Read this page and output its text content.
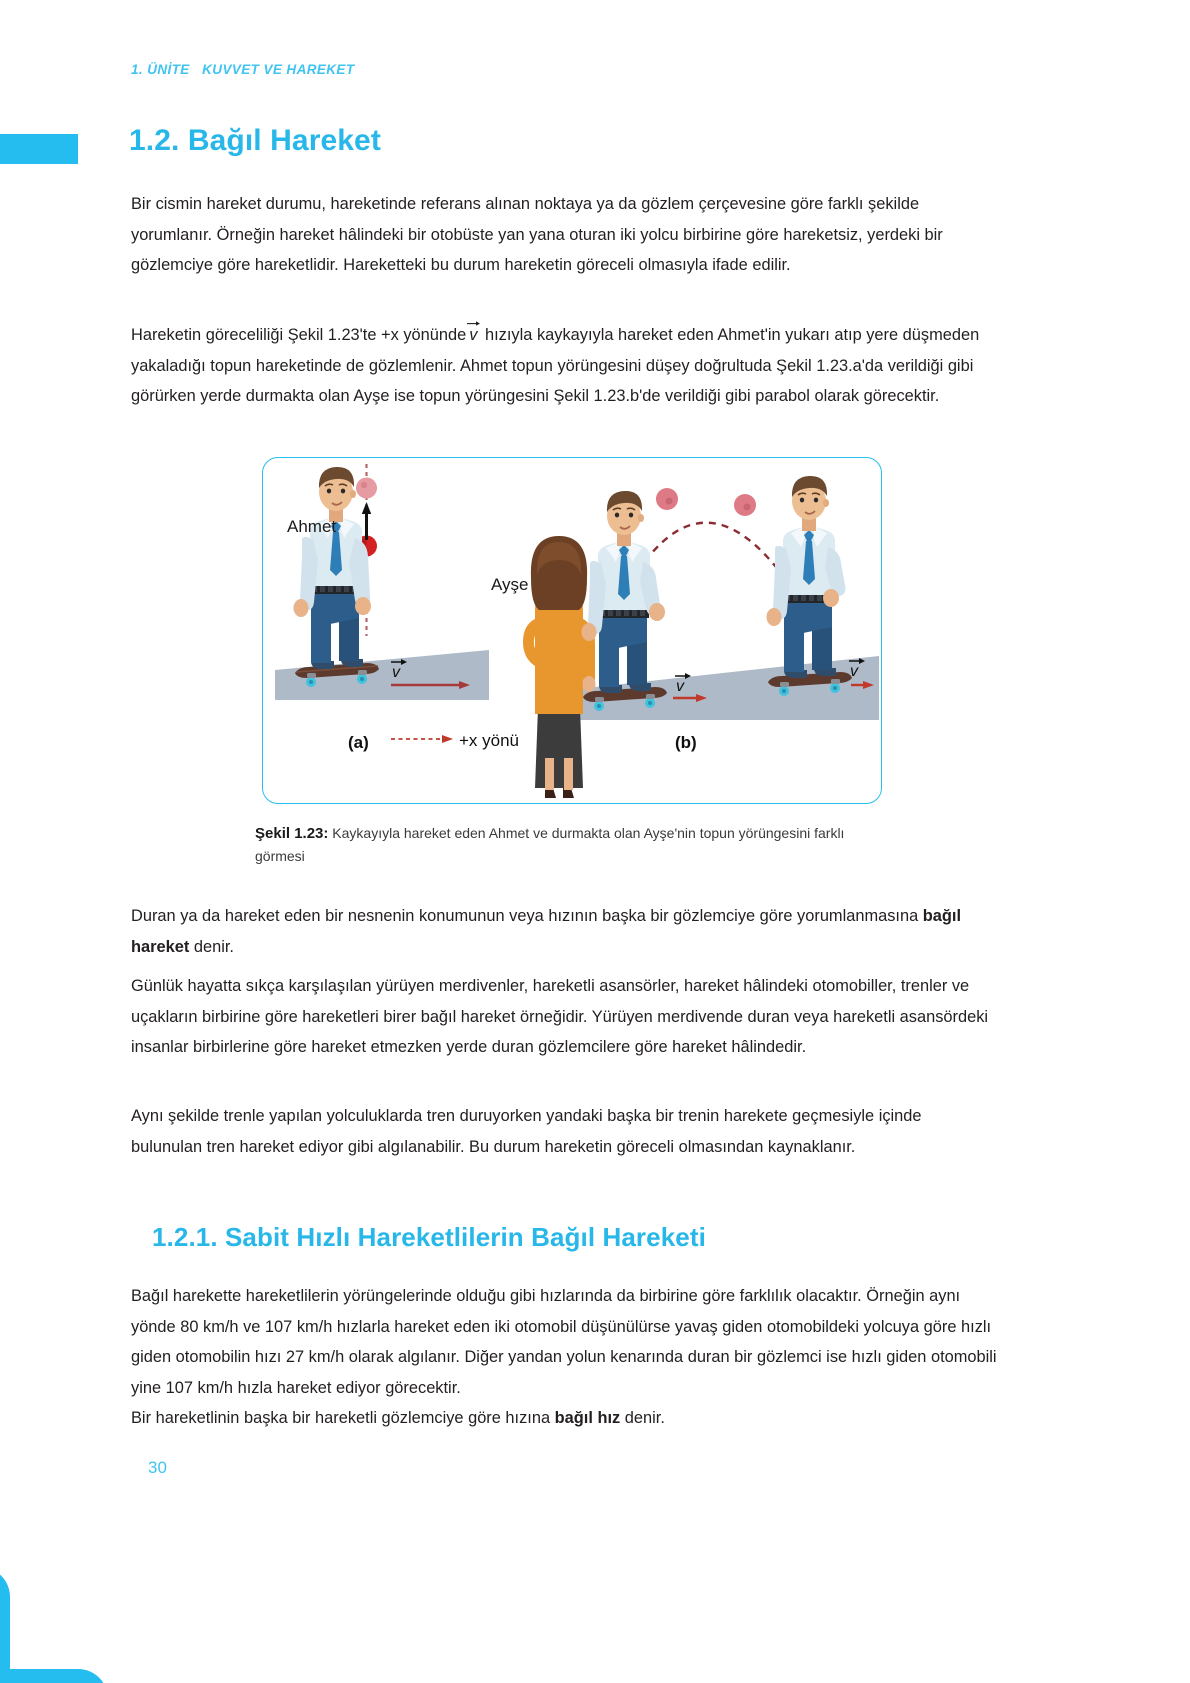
1. ÜNİTE   KUVVET VE HAREKET
1.2. Bağıl Hareket
Bir cismin hareket durumu, hareketinde referans alınan noktaya ya da gözlem çerçevesine göre farklı şekilde yorumlanır. Örneğin hareket hâlindeki bir otobüste yan yana oturan iki yolcu birbirine göre hareketsiz, yerdeki bir gözlemciye göre hareketlidir. Hareketteki bu durum hareketin göreceli olmasıyla ifade edilir.
Hareketin göreceliliği Şekil 1.23'te +x yönünde v hızıyla kaykayıyla hareket eden Ahmet'in yukarı atıp yere düşmeden yakaladığı topun hareketinde de gözlemlenir. Ahmet topun yörüngesini düşey doğrultuda Şekil 1.23.a'da verildiği gibi görürken yerde durmakta olan Ayşe ise topun yörüngesini Şekil 1.23.b'de verildiği gibi parabol olarak görecektir.
Ahmet
v
(a)	+x yönü
Ayşe
v
v
(b)
Şekil 1.23: Kaykayıyla hareket eden Ahmet ve durmakta olan Ayşe'nin topun yörüngesini farklı görmesi
Duran ya da hareket eden bir nesnenin konumunun veya hızının başka bir gözlemciye göre yorumlanmasına bağıl hareket denir.
Günlük hayatta sıkça karşılaşılan yürüyen merdivenler, hareketli asansörler, hareket hâlindeki otomobiller, trenler ve uçakların birbirine göre hareketleri birer bağıl hareket örneğidir. Yürüyen merdivende duran veya hareketli asansördeki insanlar birbirlerine göre hareket etmezken yerde duran gözlemcilere göre hareket hâlindedir.
Aynı şekilde trenle yapılan yolculuklarda tren duruyorken yandaki başka bir trenin harekete geçmesiyle içinde bulunulan tren hareket ediyor gibi algılanabilir. Bu durum hareketin göreceli olmasından kaynaklanır.
1.2.1. Sabit Hızlı Hareketlilerin Bağıl Hareketi
Bağıl harekette hareketlilerin yörüngelerinde olduğu gibi hızlarında da birbirine göre farklılık olacaktır. Örneğin aynı yönde 80 km/h ve 107 km/h hızlarla hareket eden iki otomobil düşünülürse yavaş giden otomobildeki yolcuya göre hızlı giden otomobilin hızı 27 km/h olarak algılanır. Diğer yandan yolun kenarında duran bir gözlemci ise hızlı giden otomobili yine 107 km/h hızla hareket ediyor görecektir.
Bir hareketlinin başka bir hareketli gözlemciye göre hızına bağıl hız denir.
30
